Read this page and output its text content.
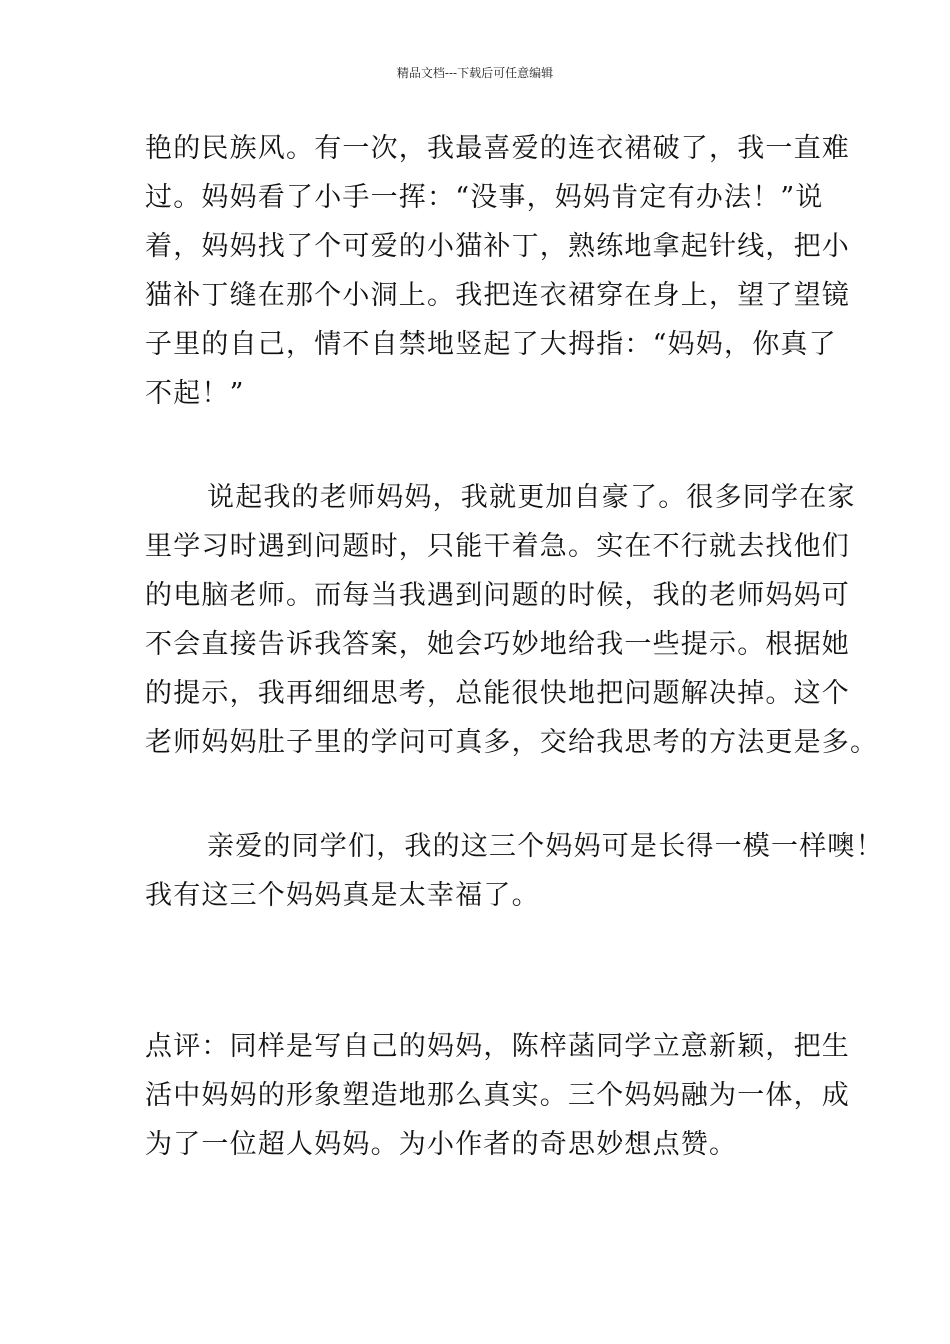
精品文档---下载后可任意编辑
艳的民族风。有一次，我最喜爱的连衣裙破了，我一直难
过。妈妈看了小手一挥：“没事，妈妈肯定有办法！”说
着，妈妈找了个可爱的小猫补丁，熟练地拿起针线，把小
猫补丁缝在那个小洞上。我把连衣裙穿在身上，望了望镜
子里的自己，情不自禁地竖起了大拇指：“妈妈，你真了
不起！”
说起我的老师妈妈，我就更加自豪了。很多同学在家
里学习时遇到问题时，只能干着急。实在不行就去找他们
的电脑老师。而每当我遇到问题的时候，我的老师妈妈可
不会直接告诉我答案，她会巧妙地给我一些提示。根据她
的提示，我再细细思考，总能很快地把问题解决掉。这个
老师妈妈肚子里的学问可真多，交给我思考的方法更是多。
亲爱的同学们，我的这三个妈妈可是长得一模一样噢！
我有这三个妈妈真是太幸福了。
点评：同样是写自己的妈妈，陈梓菡同学立意新颖，把生
活中妈妈的形象塑造地那么真实。三个妈妈融为一体，成
为了一位超人妈妈。为小作者的奇思妙想点赞。
